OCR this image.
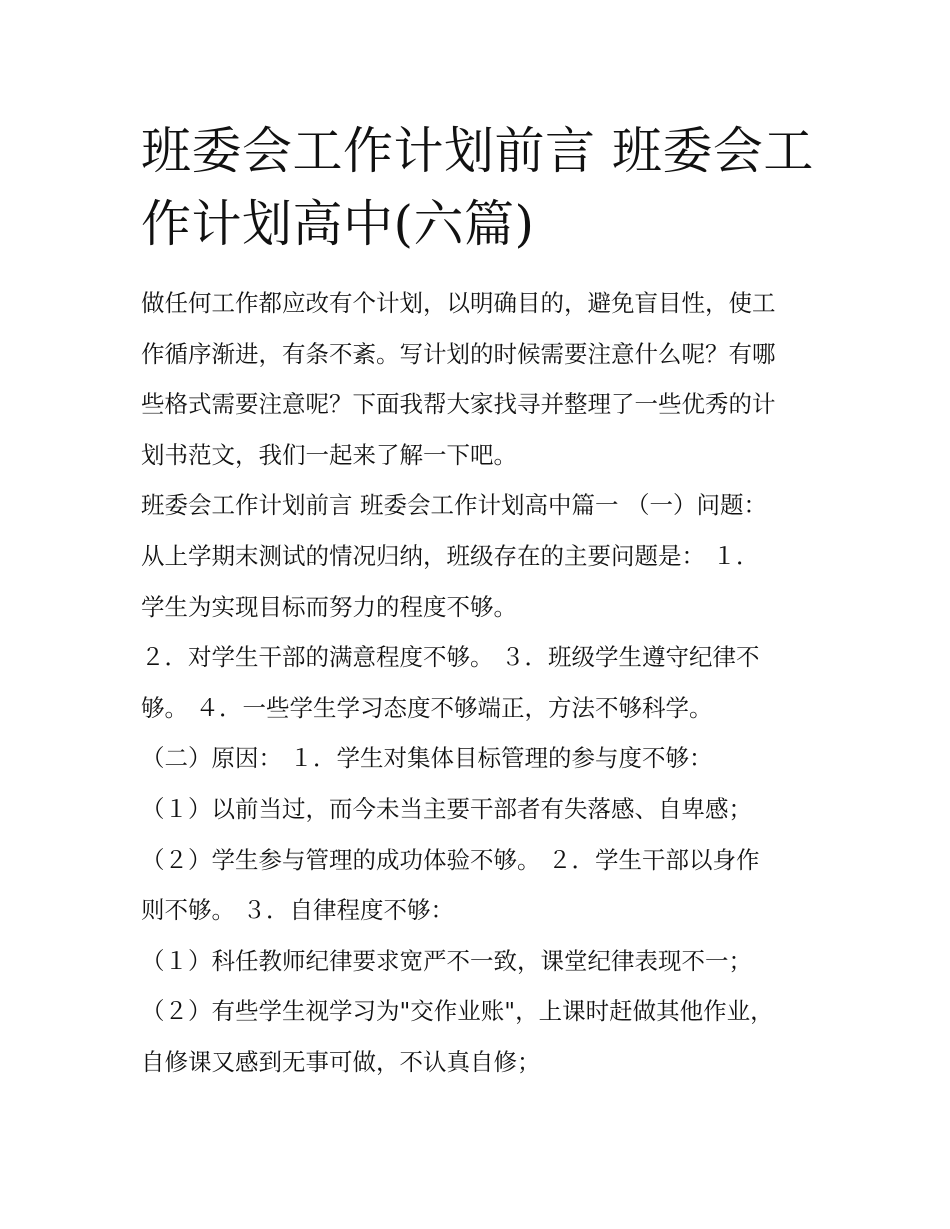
班委会工作计划前言 班委会工
作计划高中(六篇)
做任何工作都应改有个计划，以明确目的，避免盲目性，使工
作循序渐进，有条不紊。写计划的时候需要注意什么呢？有哪
些格式需要注意呢？下面我帮大家找寻并整理了一些优秀的计
划书范文，我们一起来了解一下吧。
班委会工作计划前言 班委会工作计划高中篇一 （一）问题：
从上学期末测试的情况归纳，班级存在的主要问题是： １．
学生为实现目标而努力的程度不够。
２．对学生干部的满意程度不够。 ３．班级学生遵守纪律不
够。 ４．一些学生学习态度不够端正，方法不够科学。
（二）原因： １．学生对集体目标管理的参与度不够：
（１）以前当过，而今未当主要干部者有失落感、自卑感；
（２）学生参与管理的成功体验不够。 ２．学生干部以身作
则不够。 ３．自律程度不够：
（１）科任教师纪律要求宽严不一致，课堂纪律表现不一；
（２）有些学生视学习为"交作业账"，上课时赶做其他作业，
自修课又感到无事可做，不认真自修；
